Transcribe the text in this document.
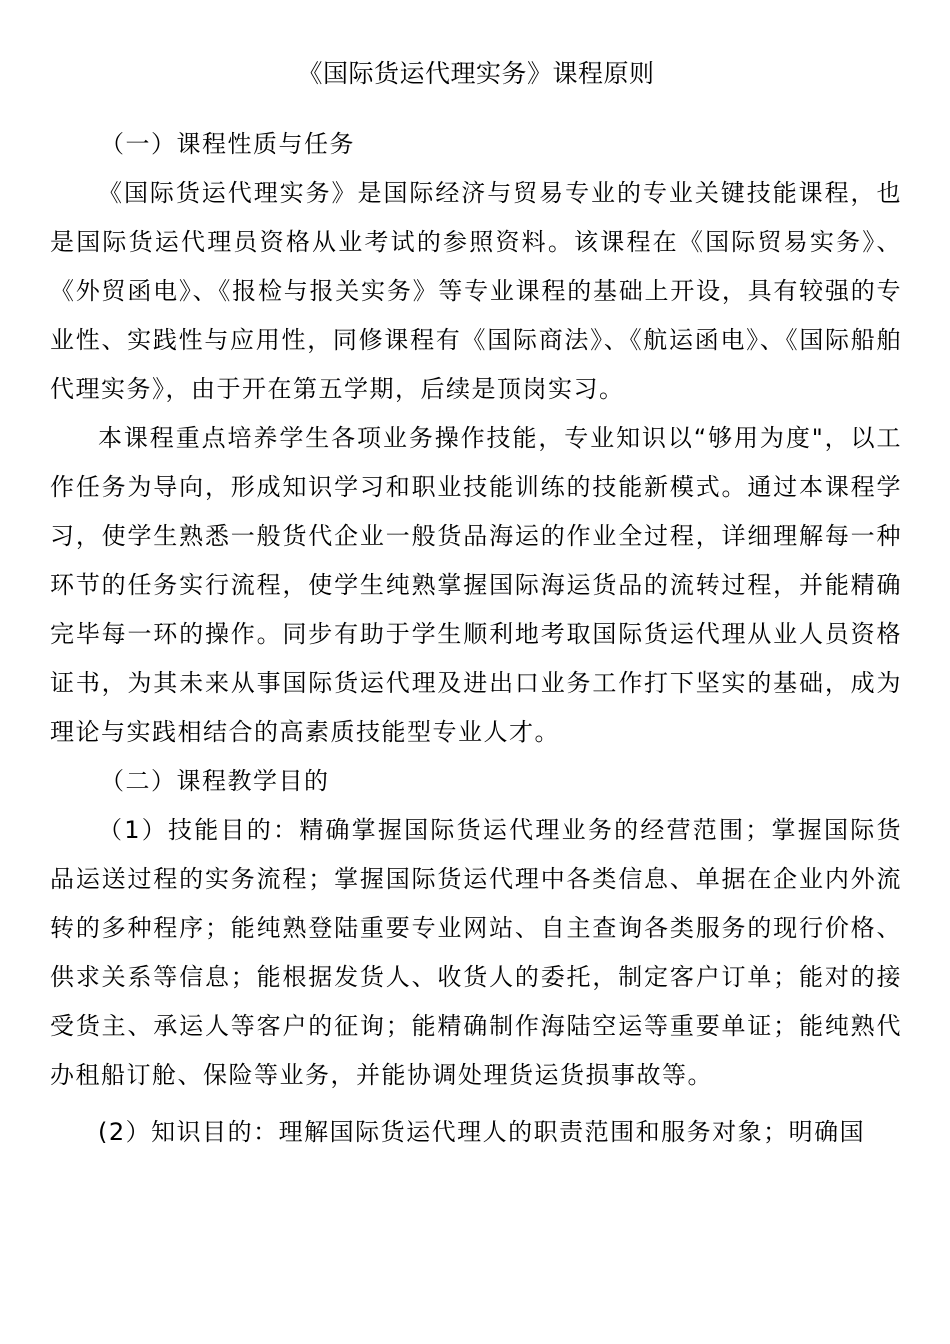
《国际货运代理实务》课程原则

（一）课程性质与任务

《国际货运代理实务》是国际经济与贸易专业的专业关键技能课程，也是国际货运代理员资格从业考试的参照资料。该课程在《国际贸易实务》、《外贸函电》、《报检与报关实务》等专业课程的基础上开设，具有较强的专业性、实践性与应用性，同修课程有《国际商法》、《航运函电》、《国际船舶代理实务》，由于开在第五学期，后续是顶岗实习。

本课程重点培养学生各项业务操作技能，专业知识以“够用为度"，以工作任务为导向，形成知识学习和职业技能训练的技能新模式。通过本课程学习，使学生熟悉一般货代企业一般货品海运的作业全过程，详细理解每一种环节的任务实行流程，使学生纯熟掌握国际海运货品的流转过程，并能精确完毕每一环的操作。同步有助于学生顺利地考取国际货运代理从业人员资格证书，为其未来从事国际货运代理及进出口业务工作打下坚实的基础，成为理论与实践相结合的高素质技能型专业人才。

（二）课程教学目的

（1）技能目的：精确掌握国际货运代理业务的经营范围；掌握国际货品运送过程的实务流程；掌握国际货运代理中各类信息、单据在企业内外流转的多种程序；能纯熟登陆重要专业网站、自主查询各类服务的现行价格、供求关系等信息；能根据发货人、收货人的委托，制定客户订单；能对的接受货主、承运人等客户的征询；能精确制作海陆空运等重要单证；能纯熟代办租船订舱、保险等业务，并能协调处理货运货损事故等。

(2）知识目的：理解国际货运代理人的职责范围和服务对象；明确国
